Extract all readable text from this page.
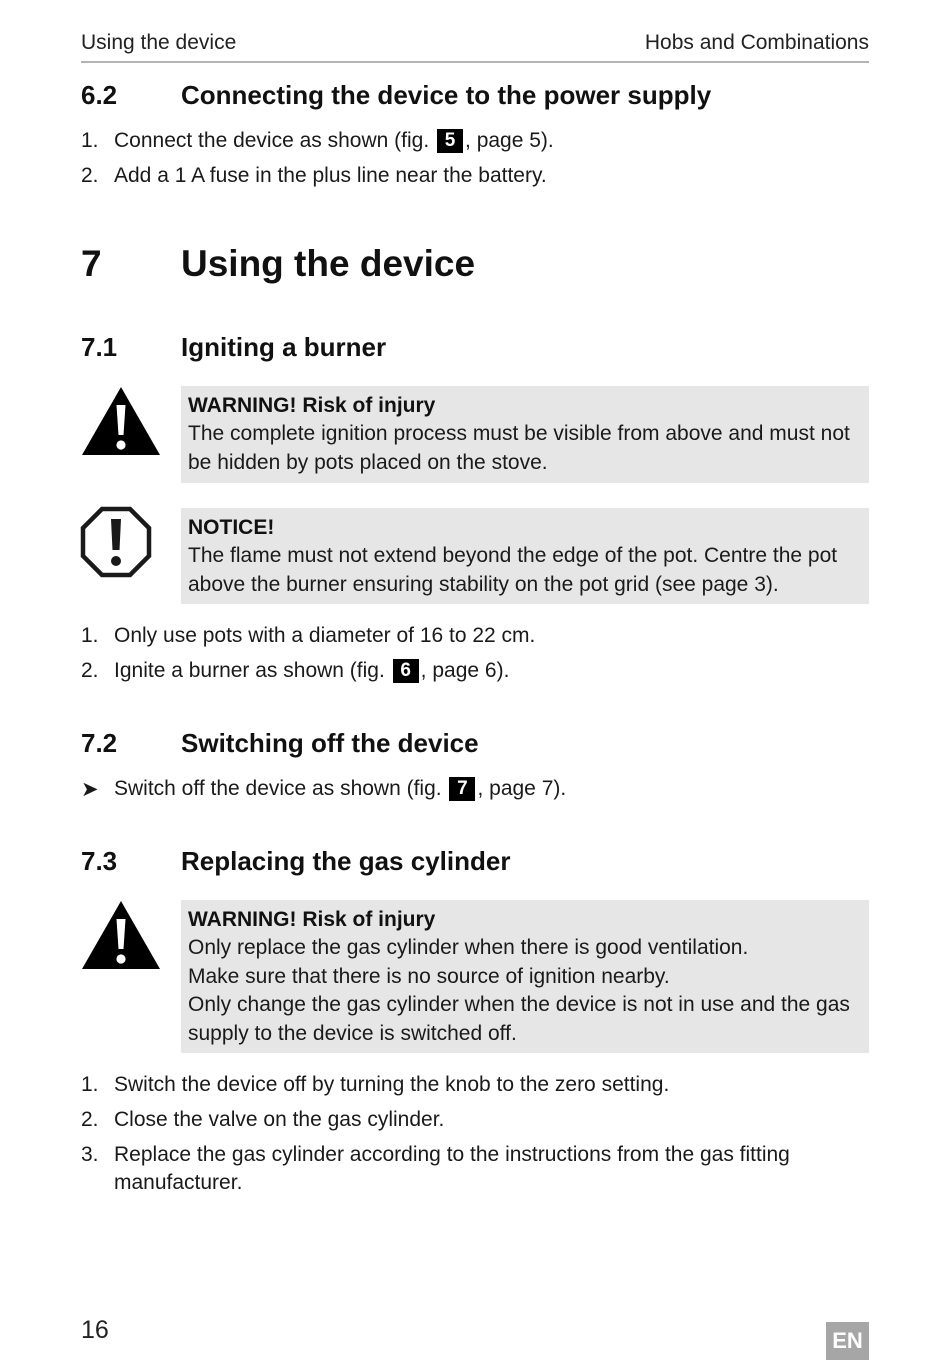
Using the device	Hobs and Combinations
6.2 Connecting the device to the power supply
1. Connect the device as shown (fig. 5 , page 5).
2. Add a 1 A fuse in the plus line near the battery.
7 Using the device
7.1 Igniting a burner
WARNING! Risk of injury
The complete ignition process must be visible from above and must not
be hidden by pots placed on the stove.
NOTICE!
The flame must not extend beyond the edge of the pot. Centre the pot
above the burner ensuring stability on the pot grid (see page 3).
1. Only use pots with a diameter of 16 to 22 cm.
2. Ignite a burner as shown (fig. 6 , page 6).
7.2 Switching off the device
➤ Switch off the device as shown (fig. 7 , page 7).
7.3 Replacing the gas cylinder
WARNING! Risk of injury
Only replace the gas cylinder when there is good ventilation.
Make sure that there is no source of ignition nearby.
Only change the gas cylinder when the device is not in use and the gas
supply to the device is switched off.
1. Switch the device off by turning the knob to the zero setting.
2. Close the valve on the gas cylinder.
3. Replace the gas cylinder according to the instructions from the gas fitting
manufacturer.
16	EN
